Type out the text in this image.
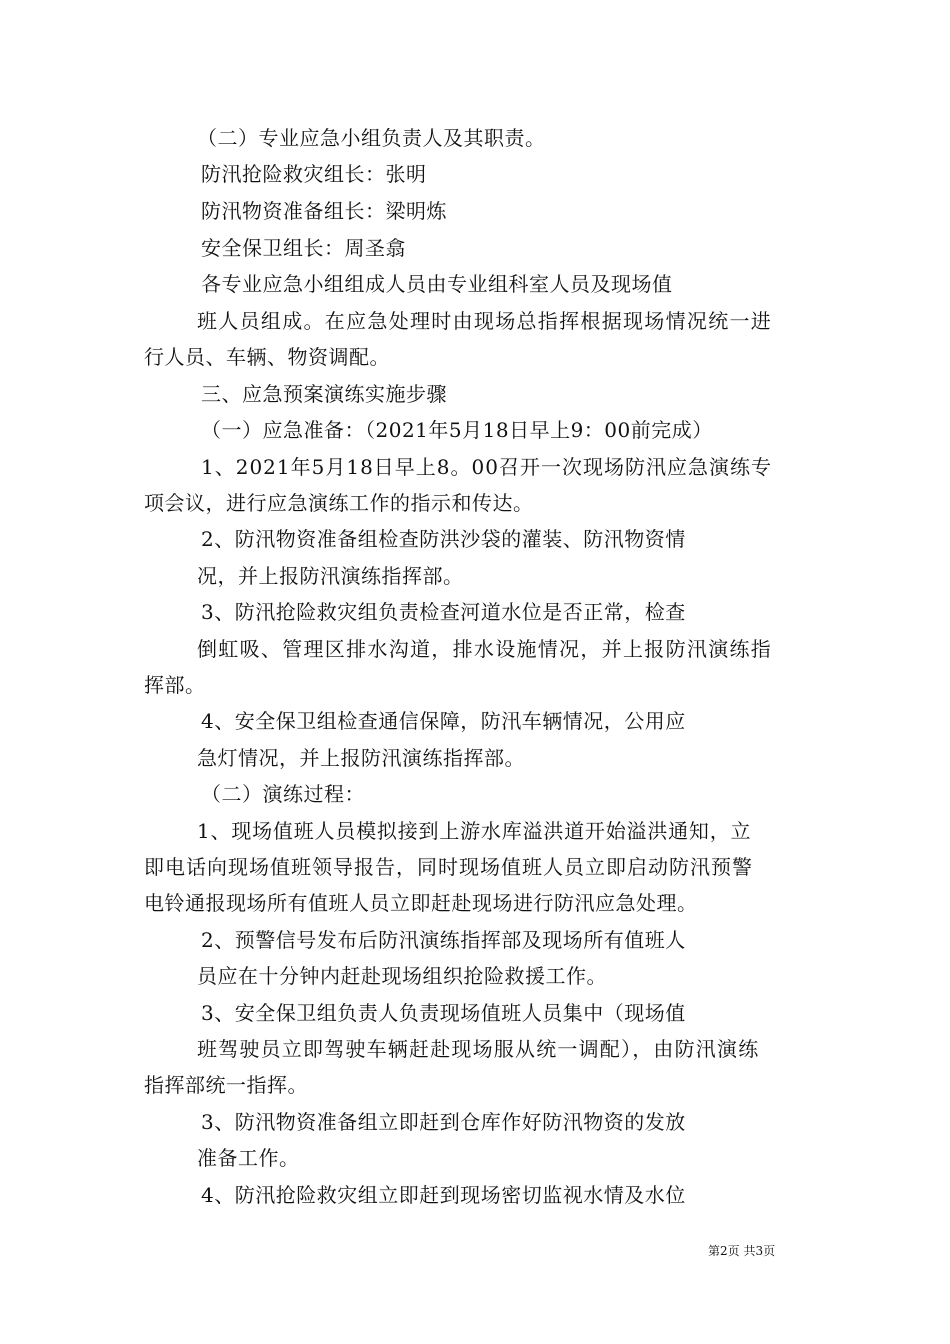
（二）专业应急小组负责人及其职责。
防汛抢险救灾组长：张明
防汛物资准备组长：梁明炼
安全保卫组长：周圣翕
各专业应急小组组成人员由专业组科室人员及现场值
班人员组成。在应急处理时由现场总指挥根据现场情况统一进
行人员、车辆、物资调配。
三、应急预案演练实施步骤
（一）应急准备：（2021年5月18日早上9：00前完成）
1、2021年5月18日早上8。00召开一次现场防汛应急演练专
项会议，进行应急演练工作的指示和传达。
2、防汛物资准备组检查防洪沙袋的灌装、防汛物资情
况，并上报防汛演练指挥部。
3、防汛抢险救灾组负责检查河道水位是否正常，检查
倒虹吸、管理区排水沟道，排水设施情况，并上报防汛演练指
挥部。
4、安全保卫组检查通信保障，防汛车辆情况，公用应
急灯情况，并上报防汛演练指挥部。
（二）演练过程：
1、现场值班人员模拟接到上游水库溢洪道开始溢洪通知，立
即电话向现场值班领导报告，同时现场值班人员立即启动防汛预警
电铃通报现场所有值班人员立即赶赴现场进行防汛应急处理。
2、预警信号发布后防汛演练指挥部及现场所有值班人
员应在十分钟内赶赴现场组织抢险救援工作。
3、安全保卫组负责人负责现场值班人员集中（现场值
班驾驶员立即驾驶车辆赶赴现场服从统一调配），由防汛演练
指挥部统一指挥。
3、防汛物资准备组立即赶到仓库作好防汛物资的发放
准备工作。
4、防汛抢险救灾组立即赶到现场密切监视水情及水位
第2页 共3页
